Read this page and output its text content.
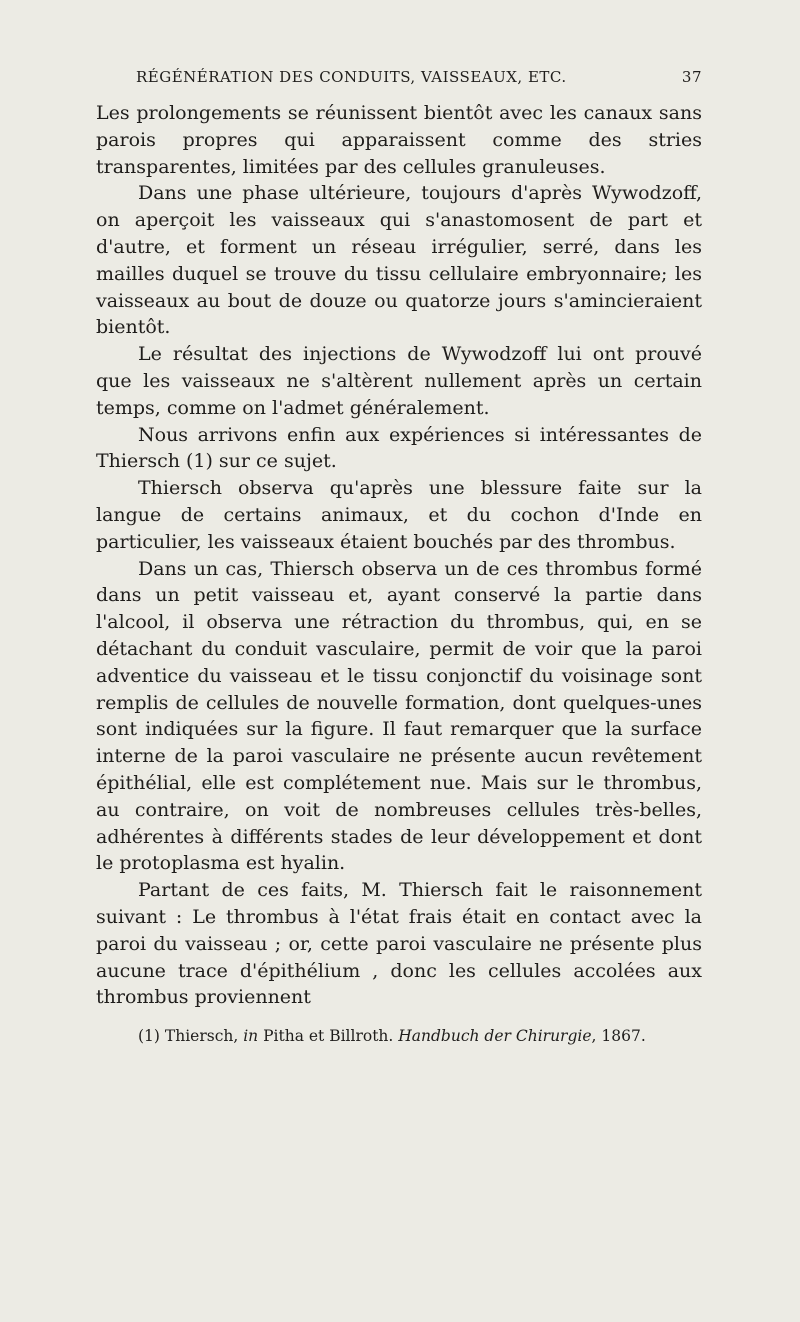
RÉGÉNÉRATION DES CONDUITS, VAISSEAUX, ETC.	37

Les prolongements se réunissent bientôt avec les canaux sans parois propres qui apparaissent comme des stries transparentes, limitées par des cellules granuleuses.

Dans une phase ultérieure, toujours d'après Wywodzoff, on aperçoit les vaisseaux qui s'anastomosent de part et d'autre, et forment un réseau irrégulier, serré, dans les mailles duquel se trouve du tissu cellulaire embryonnaire; les vaisseaux au bout de douze ou quatorze jours s'amincieraient bientôt.

Le résultat des injections de Wywodzoff lui ont prouvé que les vaisseaux ne s'altèrent nullement après un certain temps, comme on l'admet généralement.

Nous arrivons enfin aux expériences si intéressantes de Thiersch (1) sur ce sujet.

Thiersch observa qu'après une blessure faite sur la langue de certains animaux, et du cochon d'Inde en particulier, les vaisseaux étaient bouchés par des thrombus.

Dans un cas, Thiersch observa un de ces thrombus formé dans un petit vaisseau et, ayant conservé la partie dans l'alcool, il observa une rétraction du thrombus, qui, en se détachant du conduit vasculaire, permit de voir que la paroi adventice du vaisseau et le tissu conjonctif du voisinage sont remplis de cellules de nouvelle formation, dont quelques-unes sont indiquées sur la figure. Il faut remarquer que la surface interne de la paroi vasculaire ne présente aucun revêtement épithélial, elle est complétement nue. Mais sur le thrombus, au contraire, on voit de nombreuses cellules très-belles, adhérentes à différents stades de leur développement et dont le protoplasma est hyalin.

Partant de ces faits, M. Thiersch fait le raisonnement suivant : Le thrombus à l'état frais était en contact avec la paroi du vaisseau ; or, cette paroi vasculaire ne présente plus aucune trace d'épithélium , donc les cellules accolées aux thrombus proviennent

(1) Thiersch, in Pitha et Billroth. Handbuch der Chirurgie, 1867.
